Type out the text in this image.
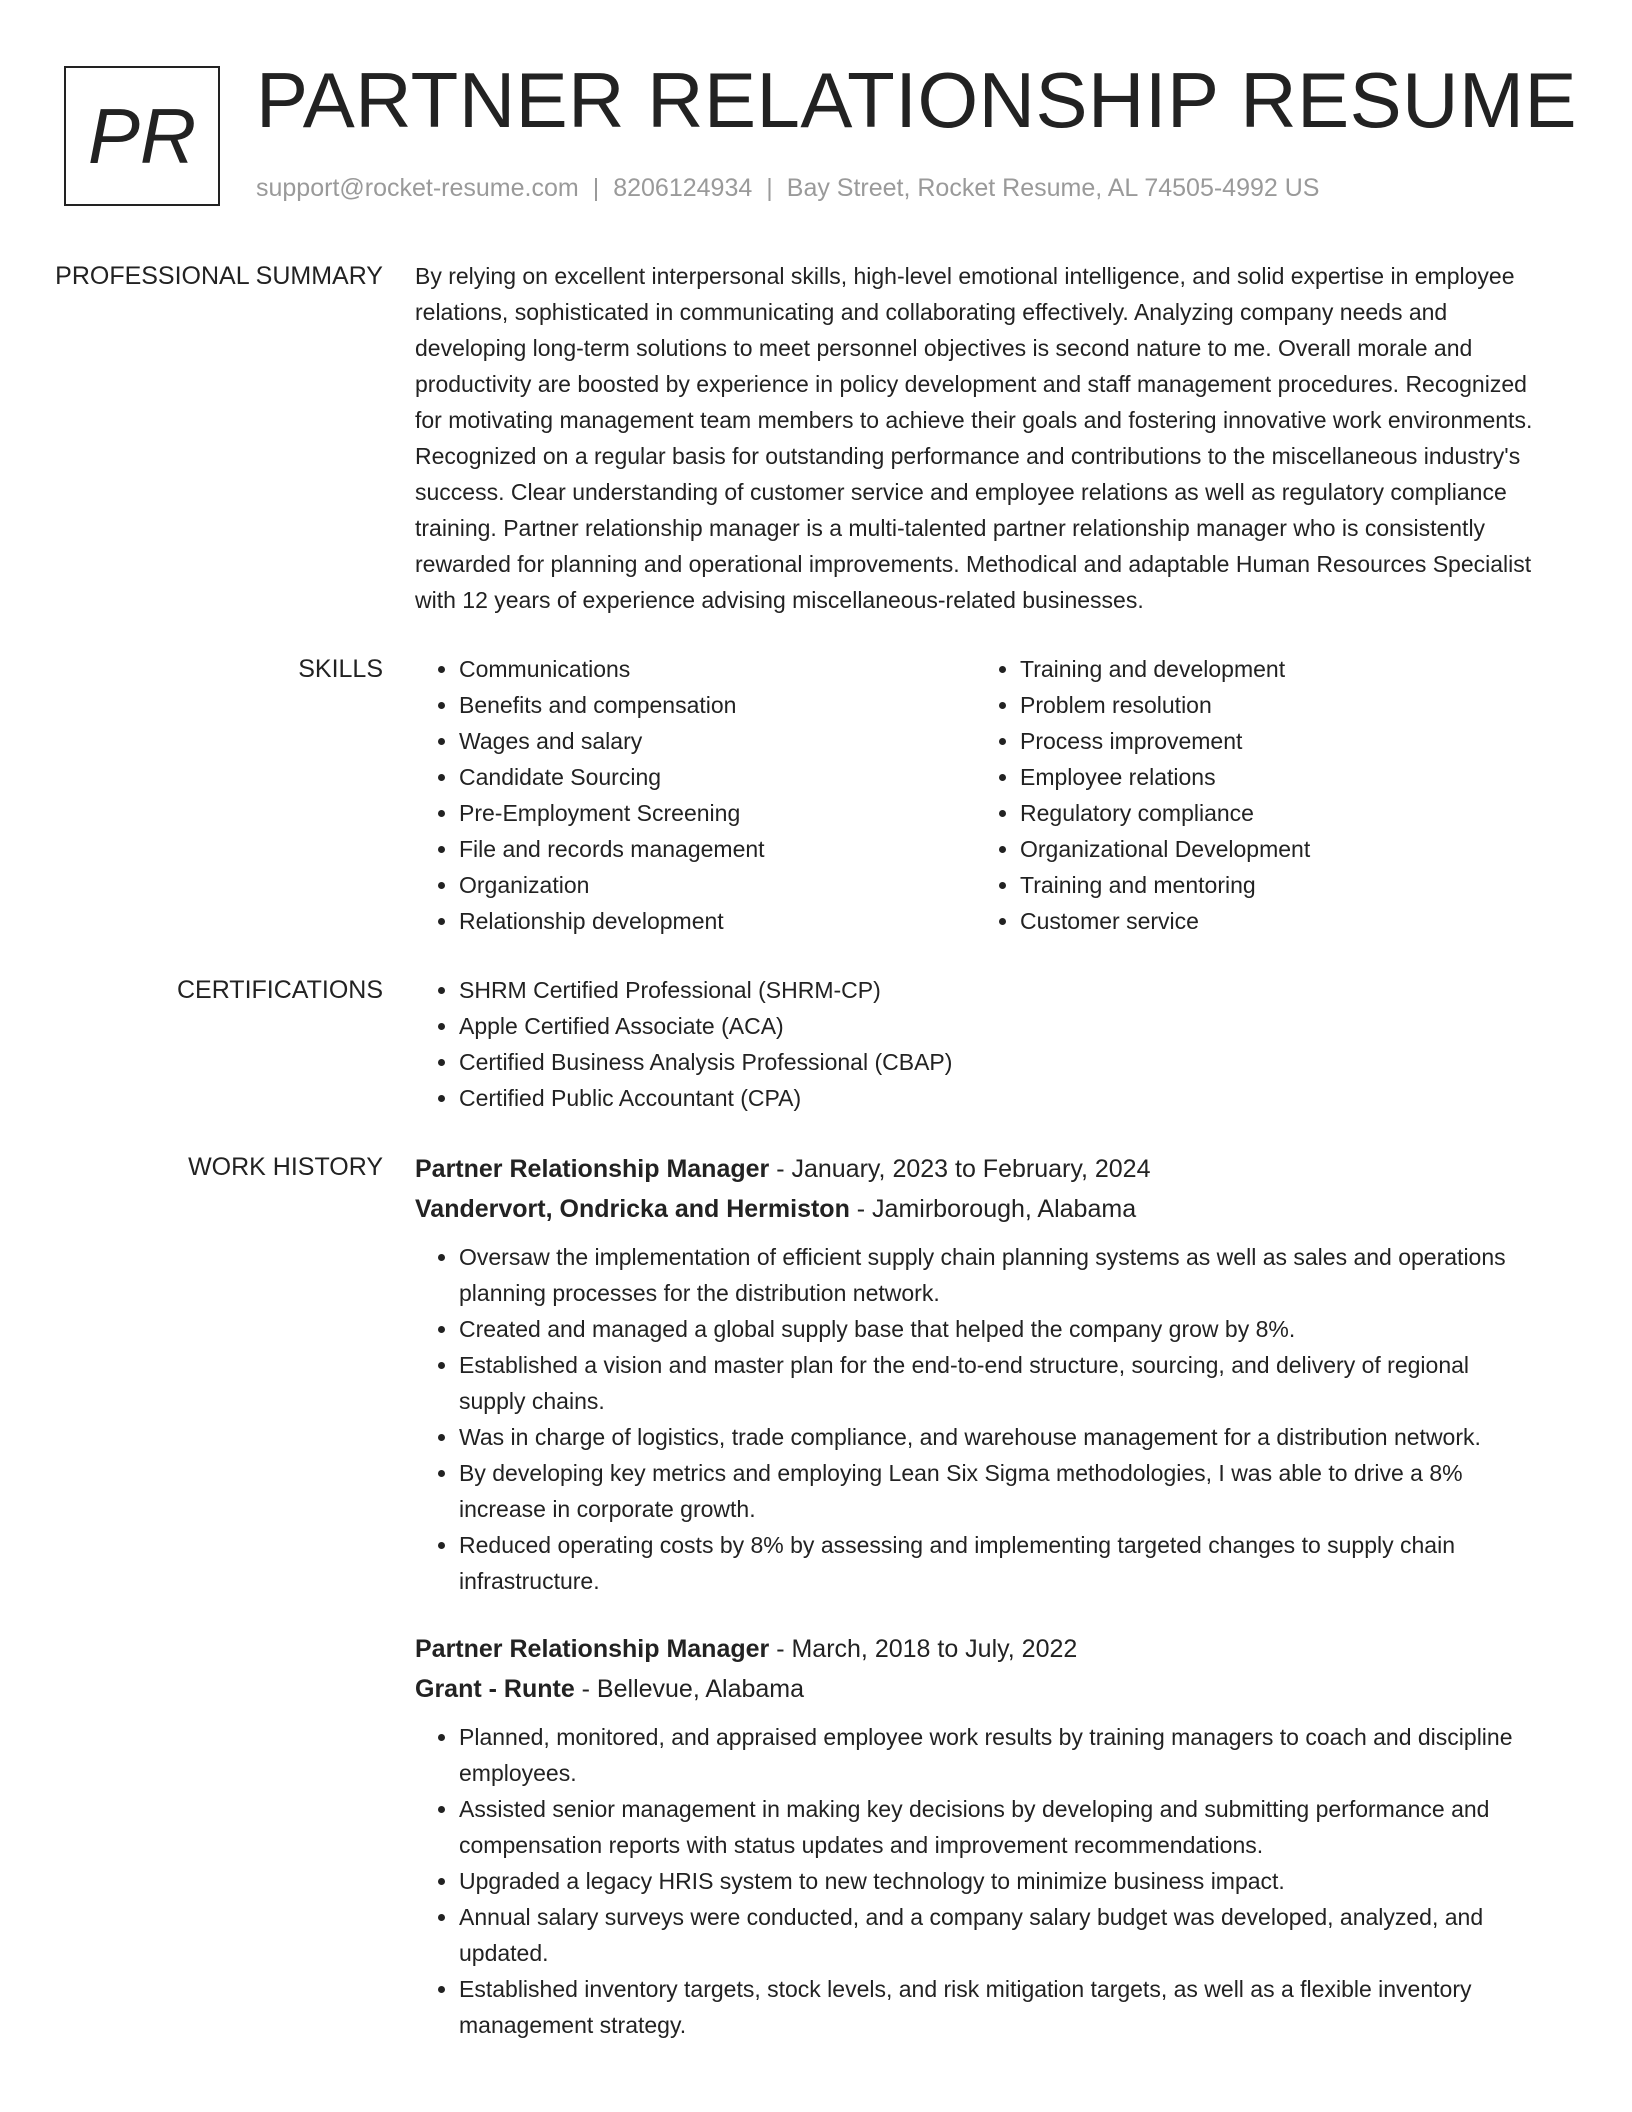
PR PARTNER RELATIONSHIP RESUME
support@rocket-resume.com | 8206124934 | Bay Street, Rocket Resume, AL 74505-4992 US
PROFESSIONAL SUMMARY	By relying on excellent interpersonal skills, high-level emotional intelligence, and solid expertise in employee relations, sophisticated in communicating and collaborating effectively. Analyzing company needs and developing long-term solutions to meet personnel objectives is second nature to me. Overall morale and productivity are boosted by experience in policy development and staff management procedures. Recognized for motivating management team members to achieve their goals and fostering innovative work environments. Recognized on a regular basis for outstanding performance and contributions to the miscellaneous industry's success. Clear understanding of customer service and employee relations as well as regulatory compliance training. Partner relationship manager is a multi-talented partner relationship manager who is consistently rewarded for planning and operational improvements. Methodical and adaptable Human Resources Specialist with 12 years of experience advising miscellaneous-related businesses.

SKILLS	• Communications
• Benefits and compensation
• Wages and salary
• Candidate Sourcing
• Pre-Employment Screening
• File and records management
• Organization
• Relationship development
• Training and development
• Problem resolution
• Process improvement
• Employee relations
• Regulatory compliance
• Organizational Development
• Training and mentoring
• Customer service
CERTIFICATIONS	• SHRM Certified Professional (SHRM-CP)
• Apple Certified Associate (ACA)
• Certified Business Analysis Professional (CBAP)
• Certified Public Accountant (CPA)
WORK HISTORY	Partner Relationship Manager - January, 2023 to February, 2024
Vandervort, Ondricka and Hermiston - Jamirborough, Alabama
• Oversaw the implementation of efficient supply chain planning systems as well as sales and operations planning processes for the distribution network.
• Created and managed a global supply base that helped the company grow by 8%.
• Established a vision and master plan for the end-to-end structure, sourcing, and delivery of regional supply chains.
• Was in charge of logistics, trade compliance, and warehouse management for a distribution network.
• By developing key metrics and employing Lean Six Sigma methodologies, I was able to drive a 8% increase in corporate growth.
• Reduced operating costs by 8% by assessing and implementing targeted changes to supply chain infrastructure.
Partner Relationship Manager - March, 2018 to July, 2022
Grant - Runte - Bellevue, Alabama
• Planned, monitored, and appraised employee work results by training managers to coach and discipline employees.
• Assisted senior management in making key decisions by developing and submitting performance and compensation reports with status updates and improvement recommendations.
• Upgraded a legacy HRIS system to new technology to minimize business impact.
• Annual salary surveys were conducted, and a company salary budget was developed, analyzed, and updated.
• Established inventory targets, stock levels, and risk mitigation targets, as well as a flexible inventory management strategy.
